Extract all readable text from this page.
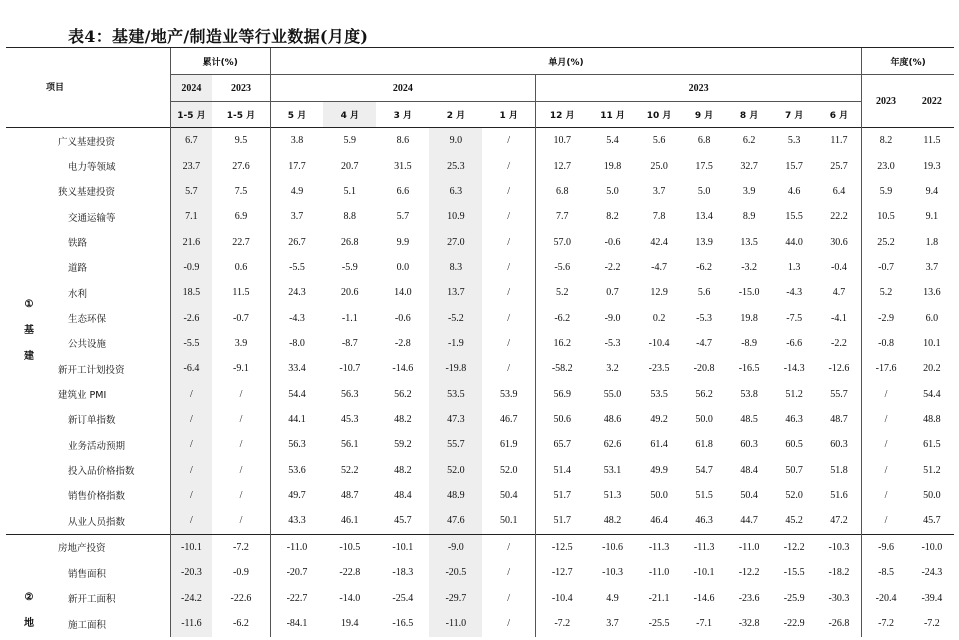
表4：基建/地产/制造业等行业数据(月度)
项目		累计(%)		单月(%)												年度(%)	
		2024	2023	2024					2023							2023	2022
		1-5 月	1-5 月	5 月	4 月	3 月	2 月	1 月	12 月	11 月	10 月	9 月	8 月	7 月	6 月		

①
基
建	广义基建投资	6.7	9.5	3.8	5.9	8.6	9.0	/	10.7	5.4	5.6	6.8	6.2	5.3	11.7	8.2	11.5
	电力等领域	23.7	27.6	17.7	20.7	31.5	25.3	/	12.7	19.8	25.0	17.5	32.7	15.7	25.7	23.0	19.3
	狭义基建投资	5.7	7.5	4.9	5.1	6.6	6.3	/	6.8	5.0	3.7	5.0	3.9	4.6	6.4	5.9	9.4
	交通运输等	7.1	6.9	3.7	8.8	5.7	10.9	/	7.7	8.2	7.8	13.4	8.9	15.5	22.2	10.5	9.1
	铁路	21.6	22.7	26.7	26.8	9.9	27.0	/	57.0	-0.6	42.4	13.9	13.5	44.0	30.6	25.2	1.8
	道路	-0.9	0.6	-5.5	-5.9	0.0	8.3	/	-5.6	-2.2	-4.7	-6.2	-3.2	1.3	-0.4	-0.7	3.7
	水利	18.5	11.5	24.3	20.6	14.0	13.7	/	5.2	0.7	12.9	5.6	-15.0	-4.3	4.7	5.2	13.6
	生态环保	-2.6	-0.7	-4.3	-1.1	-0.6	-5.2	/	-6.2	-9.0	0.2	-5.3	19.8	-7.5	-4.1	-2.9	6.0
	公共设施	-5.5	3.9	-8.0	-8.7	-2.8	-1.9	/	16.2	-5.3	-10.4	-4.7	-8.9	-6.6	-2.2	-0.8	10.1
	新开工计划投资	-6.4	-9.1	33.4	-10.7	-14.6	-19.8	/	-58.2	3.2	-23.5	-20.8	-16.5	-14.3	-12.6	-17.6	20.2
	建筑业 PMI	/	/	54.4	56.3	56.2	53.5	53.9	56.9	55.0	53.5	56.2	53.8	51.2	55.7	/	54.4
	新订单指数	/	/	44.1	45.3	48.2	47.3	46.7	50.6	48.6	49.2	50.0	48.5	46.3	48.7	/	48.8
	业务活动预期	/	/	56.3	56.1	59.2	55.7	61.9	65.7	62.6	61.4	61.8	60.3	60.5	60.3	/	61.5
	投入品价格指数	/	/	53.6	52.2	48.2	52.0	52.0	51.4	53.1	49.9	54.7	48.4	50.7	51.8	/	51.2
	销售价格指数	/	/	49.7	48.7	48.4	48.9	50.4	51.7	51.3	50.0	51.5	50.4	52.0	51.6	/	50.0
	从业人员指数	/	/	43.3	46.1	45.7	47.6	50.1	51.7	48.2	46.4	46.3	44.7	45.2	47.2	/	45.7

②
地	房地产投资	-10.1	-7.2	-11.0	-10.5	-10.1	-9.0	/	-12.5	-10.6	-11.3	-11.3	-11.0	-12.2	-10.3	-9.6	-10.0
	销售面积	-20.3	-0.9	-20.7	-22.8	-18.3	-20.5	/	-12.7	-10.3	-11.0	-10.1	-12.2	-15.5	-18.2	-8.5	-24.3
	新开工面积	-24.2	-22.6	-22.7	-14.0	-25.4	-29.7	/	-10.4	4.9	-21.1	-14.6	-23.6	-25.9	-30.3	-20.4	-39.4
	施工面积	-11.6	-6.2	-84.1	19.4	-16.5	-11.0	/	-7.2	3.7	-25.5	-7.1	-32.8	-22.9	-26.8	-7.2	-7.2
